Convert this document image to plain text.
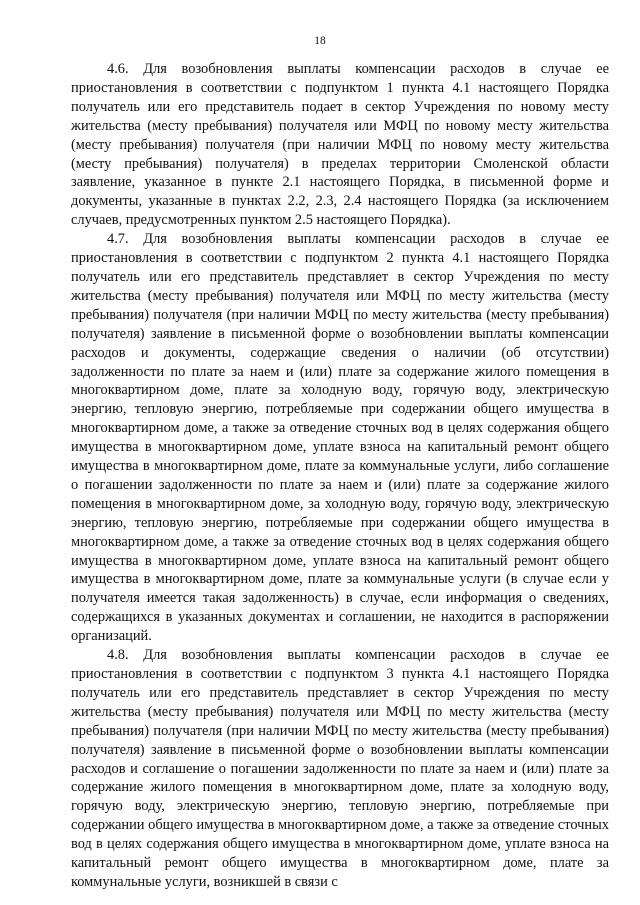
18

4.6. Для возобновления выплаты компенсации расходов в случае ее приостановления в соответствии с подпунктом 1 пункта 4.1 настоящего Порядка получатель или его представитель подает в сектор Учреждения по новому месту жительства (месту пребывания) получателя или МФЦ по новому месту жительства (месту пребывания) получателя (при наличии МФЦ по новому месту жительства (месту пребывания) получателя) в пределах территории Смоленской области заявление, указанное в пункте 2.1 настоящего Порядка, в письменной форме и документы, указанные в пунктах 2.2, 2.3, 2.4 настоящего Порядка (за исключением случаев, предусмотренных пунктом 2.5 настоящего Порядка).

4.7. Для возобновления выплаты компенсации расходов в случае ее приостановления в соответствии с подпунктом 2 пункта 4.1 настоящего Порядка получатель или его представитель представляет в сектор Учреждения по месту жительства (месту пребывания) получателя или МФЦ по месту жительства (месту пребывания) получателя (при наличии МФЦ по месту жительства (месту пребывания) получателя) заявление в письменной форме о возобновлении выплаты компенсации расходов и документы, содержащие сведения о наличии (об отсутствии) задолженности по плате за наем и (или) плате за содержание жилого помещения в многоквартирном доме, плате за холодную воду, горячую воду, электрическую энергию, тепловую энергию, потребляемые при содержании общего имущества в многоквартирном доме, а также за отведение сточных вод в целях содержания общего имущества в многоквартирном доме, уплате взноса на капитальный ремонт общего имущества в многоквартирном доме, плате за коммунальные услуги, либо соглашение о погашении задолженности по плате за наем и (или) плате за содержание жилого помещения в многоквартирном доме, за холодную воду, горячую воду, электрическую энергию, тепловую энергию, потребляемые при содержании общего имущества в многоквартирном доме, а также за отведение сточных вод в целях содержания общего имущества в многоквартирном доме, уплате взноса на капитальный ремонт общего имущества в многоквартирном доме, плате за коммунальные услуги (в случае если у получателя имеется такая задолженность) в случае, если информация о сведениях, содержащихся в указанных документах и соглашении, не находится в распоряжении организаций.

4.8. Для возобновления выплаты компенсации расходов в случае ее приостановления в соответствии с подпунктом 3 пункта 4.1 настоящего Порядка получатель или его представитель представляет в сектор Учреждения по месту жительства (месту пребывания) получателя или МФЦ по месту жительства (месту пребывания) получателя (при наличии МФЦ по месту жительства (месту пребывания) получателя) заявление в письменной форме о возобновлении выплаты компенсации расходов и соглашение о погашении задолженности по плате за наем и (или) плате за содержание жилого помещения в многоквартирном доме, плате за холодную воду, горячую воду, электрическую энергию, тепловую энергию, потребляемые при содержании общего имущества в многоквартирном доме, а также за отведение сточных вод в целях содержания общего имущества в многоквартирном доме, уплате взноса на капитальный ремонт общего имущества в многоквартирном доме, плате за коммунальные услуги, возникшей в связи с
